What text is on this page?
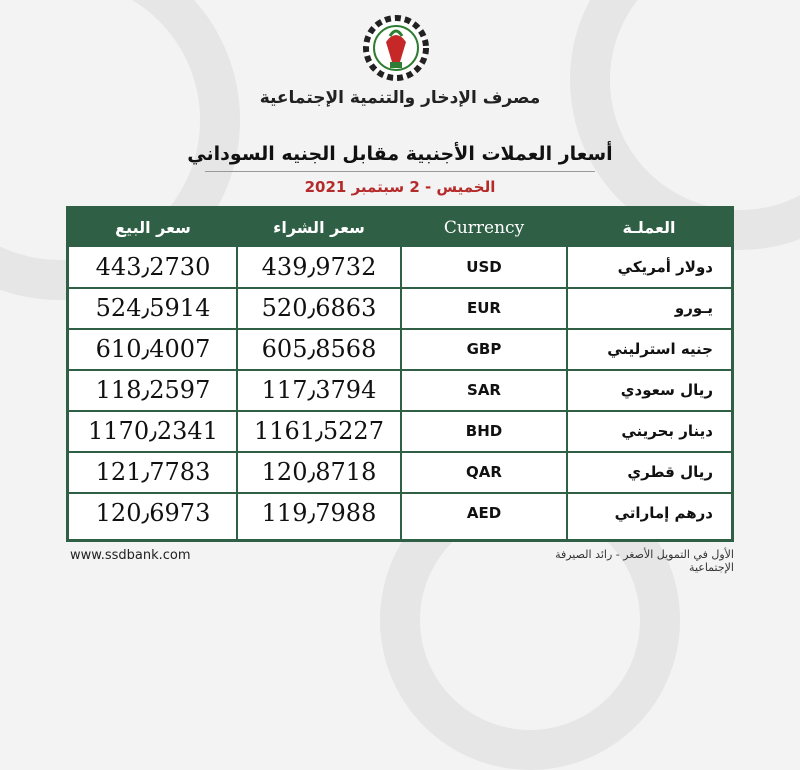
مصرف الإدخار والتنمية الإجتماعية
أسعار العملات الأجنبية مقابل الجنيه السوداني
الخميس - 2 سبتمبر 2021
سعر البيع	سعر الشراء	Currency	العملـة
443٫2730	439٫9732	USD	دولار أمريكي
524٫5914	520٫6863	EUR	يـورو
610٫4007	605٫8568	GBP	جنيه استرليني
118٫2597	117٫3794	SAR	ريال سعودي
1170٫2341	1161٫5227	BHD	دينار بحريني
121٫7783	120٫8718	QAR	ريال قطري
120٫6973	119٫7988	AED	درهم إماراتي
www.ssdbank.com	الأول في التمويل الأصغر - رائد الصيرفة الإجتماعية
